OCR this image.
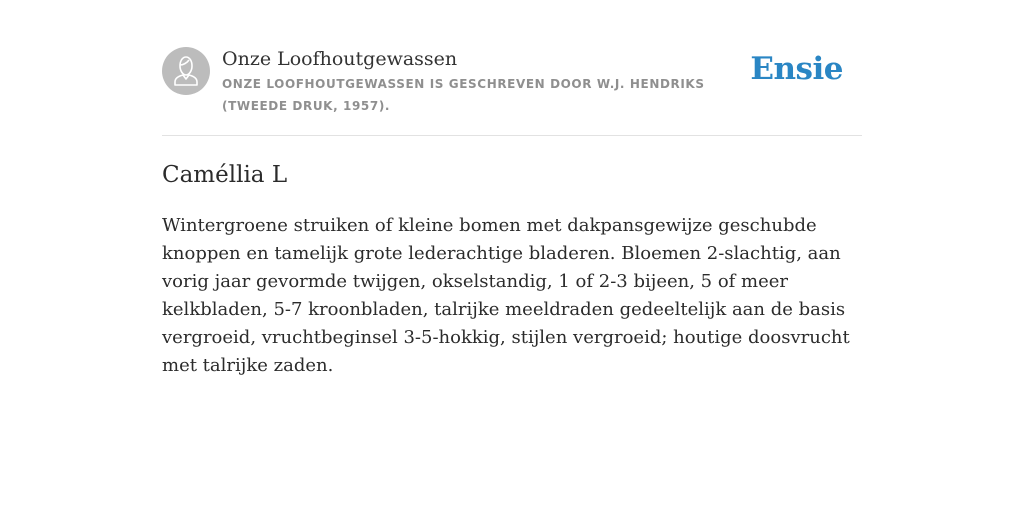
Onze Loofhoutgewassen
ONZE LOOFHOUTGEWASSEN IS GESCHREVEN DOOR W.J. HENDRIKS (TWEEDE DRUK, 1957).
Ensie
Caméllia L

Wintergroene struiken of kleine bomen met dakpansgewijze geschubde knoppen en tamelijk grote lederachtige bladeren. Bloemen 2-slachtig, aan vorig jaar gevormde twijgen, okselstandig, 1 of 2-3 bijeen, 5 of meer kelkbladen, 5-7 kroonbladen, talrijke meeldraden gedeeltelijk aan de basis vergroeid, vruchtbeginsel 3-5-hokkig, stijlen vergroeid; houtige doosvrucht met talrijke zaden.
